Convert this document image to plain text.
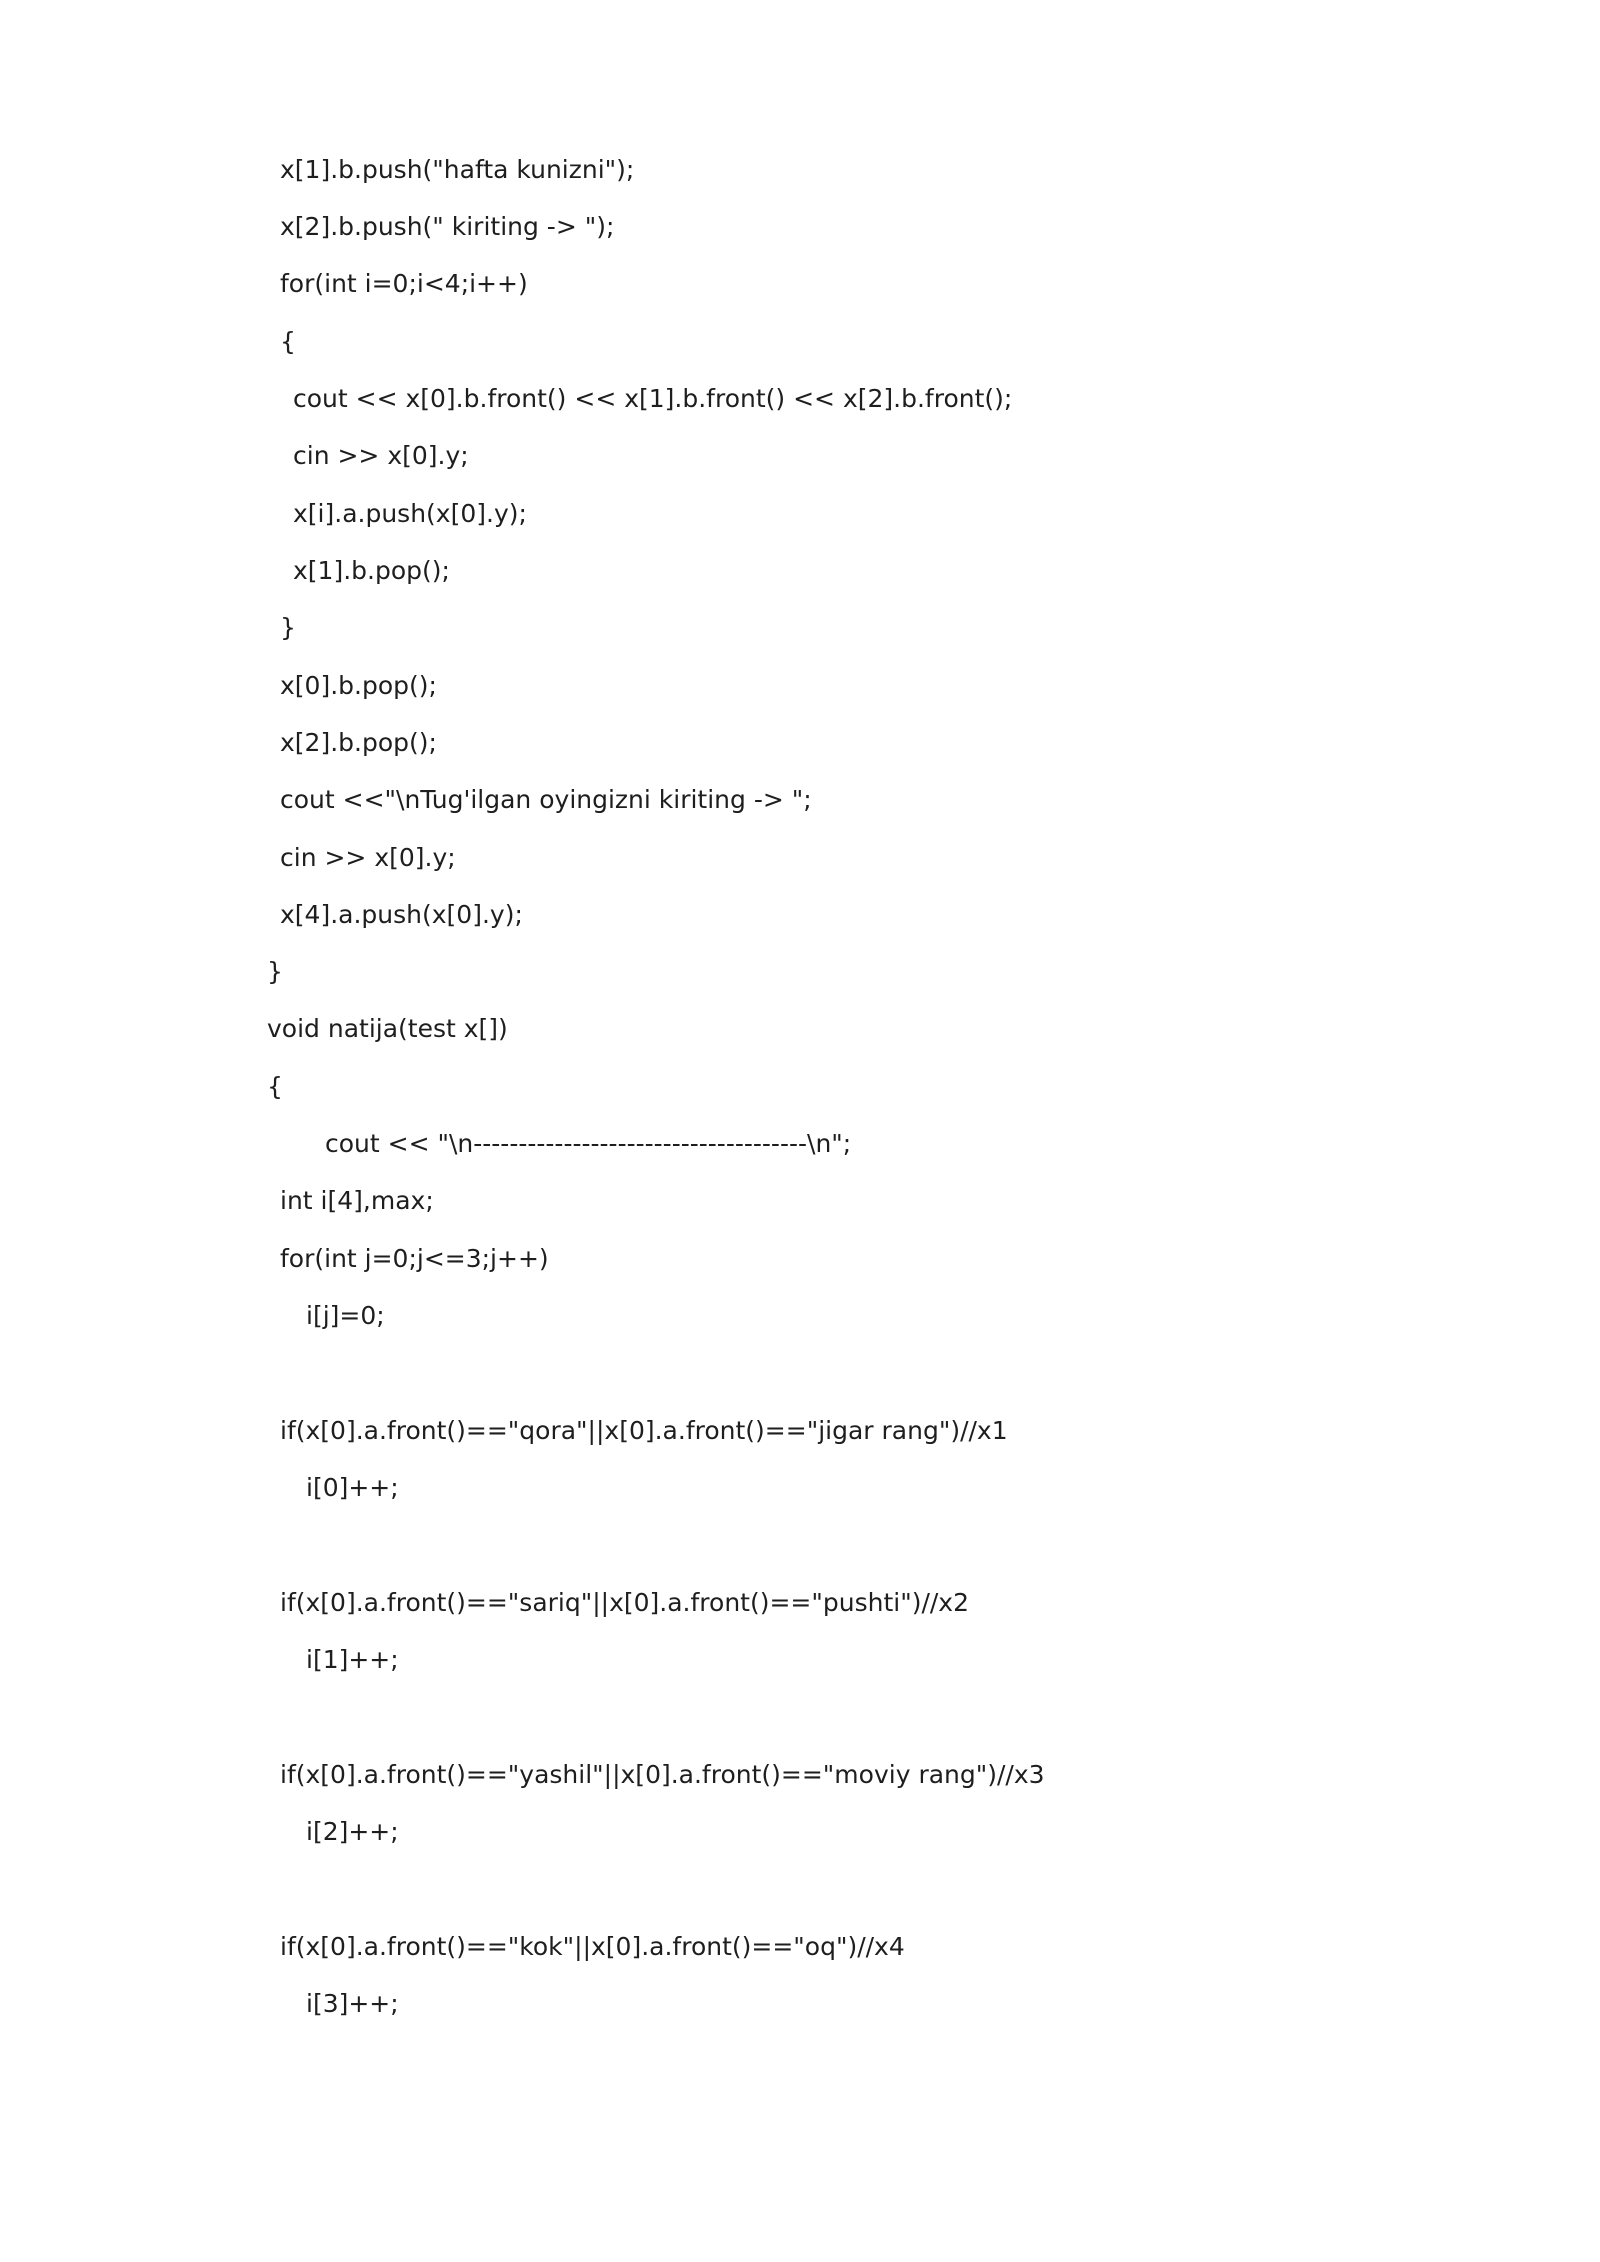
x[1].b.push("hafta kunizni");

x[2].b.push(" kiriting -> ");

for(int i=0;i<4;i++)

{

cout << x[0].b.front() << x[1].b.front() << x[2].b.front();

cin >> x[0].y;

x[i].a.push(x[0].y);

x[1].b.pop();

}

x[0].b.pop();

x[2].b.pop();

cout <<"\nTug'ilgan oyingizni kiriting -> ";

cin >> x[0].y;

x[4].a.push(x[0].y);

}

void natija(test x[])

{

cout << "\n-------------------------------------\n";

int i[4],max;

for(int j=0;j<=3;j++)

i[j]=0;

if(x[0].a.front()=="qora"||x[0].a.front()=="jigar rang")//x1

i[0]++;

if(x[0].a.front()=="sariq"||x[0].a.front()=="pushti")//x2

i[1]++;

if(x[0].a.front()=="yashil"||x[0].a.front()=="moviy rang")//x3

i[2]++;

if(x[0].a.front()=="kok"||x[0].a.front()=="oq")//x4

i[3]++;
